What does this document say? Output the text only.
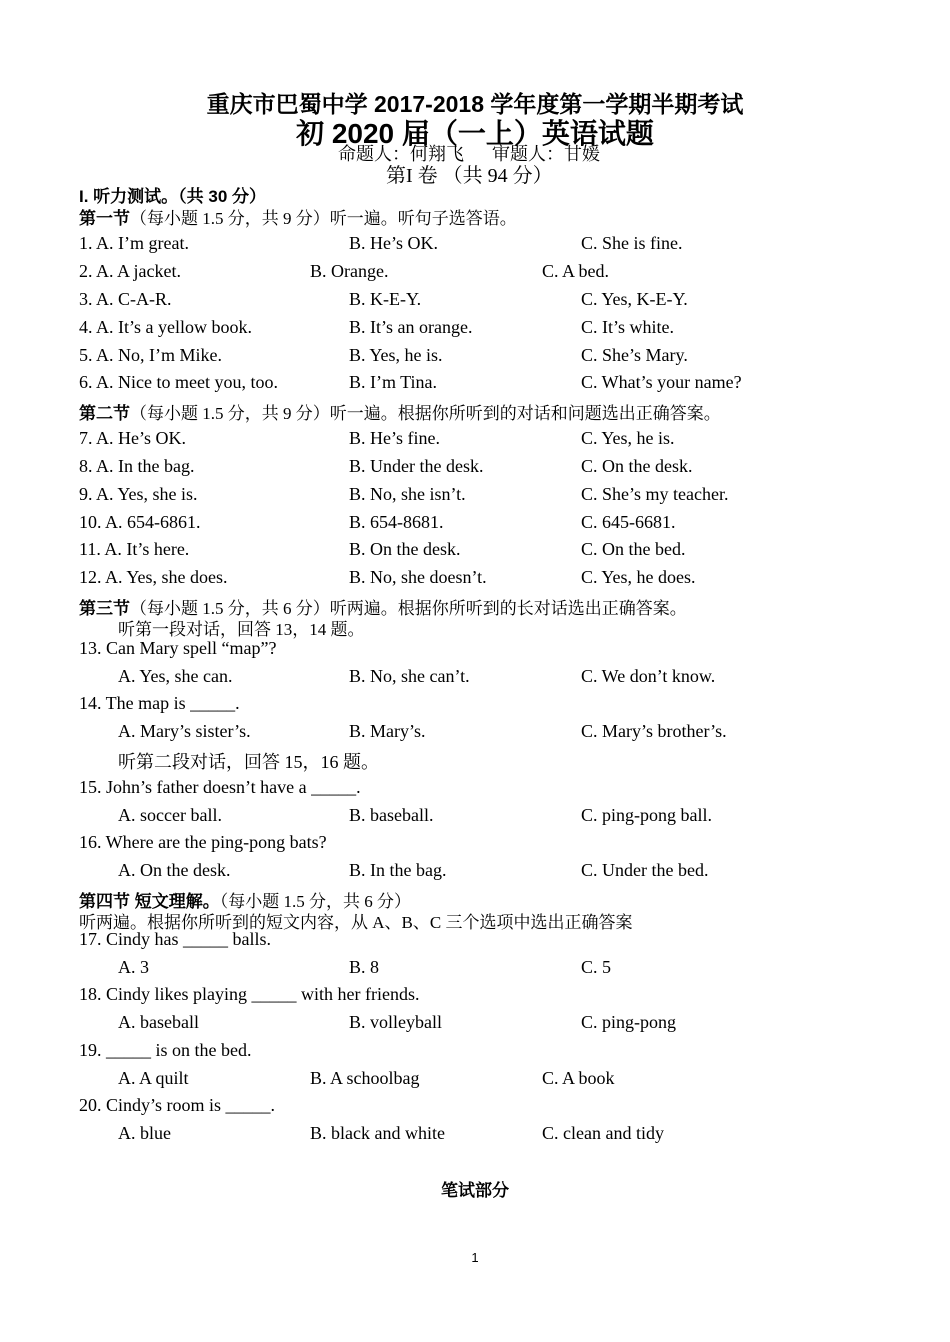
重庆市巴蜀中学 2017-2018 学年度第一学期半期考试
初 2020 届（一上）英语试题
命题人：何翔飞 审题人：甘媛
第I 卷 （共 94 分）
I. 听力测试。（共 30 分）
第一节（每小题 1.5 分，共 9 分）听一遍。听句子选答语。
1. A. I’m great.	B. He’s OK.	C. She is fine.
2. A. A jacket.	B. Orange.	C. A bed.
3. A. C-A-R.	B. K-E-Y.	C. Yes, K-E-Y.
4. A. It’s a yellow book.	B. It’s an orange.	C. It’s white.
5. A. No, I’m Mike.	B. Yes, he is.	C. She’s Mary.
6. A. Nice to meet you, too.	B. I’m Tina.	C. What’s your name?
第二节（每小题 1.5 分，共 9 分）听一遍。根据你所听到的对话和问题选出正确答案。
7. A. He’s OK.	B. He’s fine.	C. Yes, he is.
8. A. In the bag.	B. Under the desk.	C. On the desk.
9. A. Yes, she is.	B. No, she isn’t.	C. She’s my teacher.
10. A. 654-6861.	B. 654-8681.	C. 645-6681.
11. A. It’s here.	B. On the desk.	C. On the bed.
12. A. Yes, she does.	B. No, she doesn’t.	C. Yes, he does.
第三节（每小题 1.5 分，共 6 分）听两遍。根据你所听到的长对话选出正确答案。
听第一段对话，回答 13，14 题。
13. Can Mary spell “map”?
A. Yes, she can.	B. No, she can’t.	C. We don’t know.
14. The map is _____.
A. Mary’s sister’s.	B. Mary’s.	C. Mary’s brother’s.
听第二段对话，回答 15，16 题。
15. John’s father doesn’t have a _____.
A. soccer ball.	B. baseball.	C. ping-pong ball.
16. Where are the ping-pong bats?
A. On the desk.	B. In the bag.	C. Under the bed.
第四节 短文理解。（每小题 1.5 分，共 6 分）
听两遍。根据你所听到的短文内容，从 A、B、C 三个选项中选出正确答案
17. Cindy has _____ balls.
A. 3	B. 8	C. 5
18. Cindy likes playing _____ with her friends.
A. baseball	B. volleyball	C. ping-pong
19. _____ is on the bed.
A. A quilt	B. A schoolbag	C. A book
20. Cindy’s room is _____.
A. blue	B. black and white	C. clean and tidy
笔试部分
1
